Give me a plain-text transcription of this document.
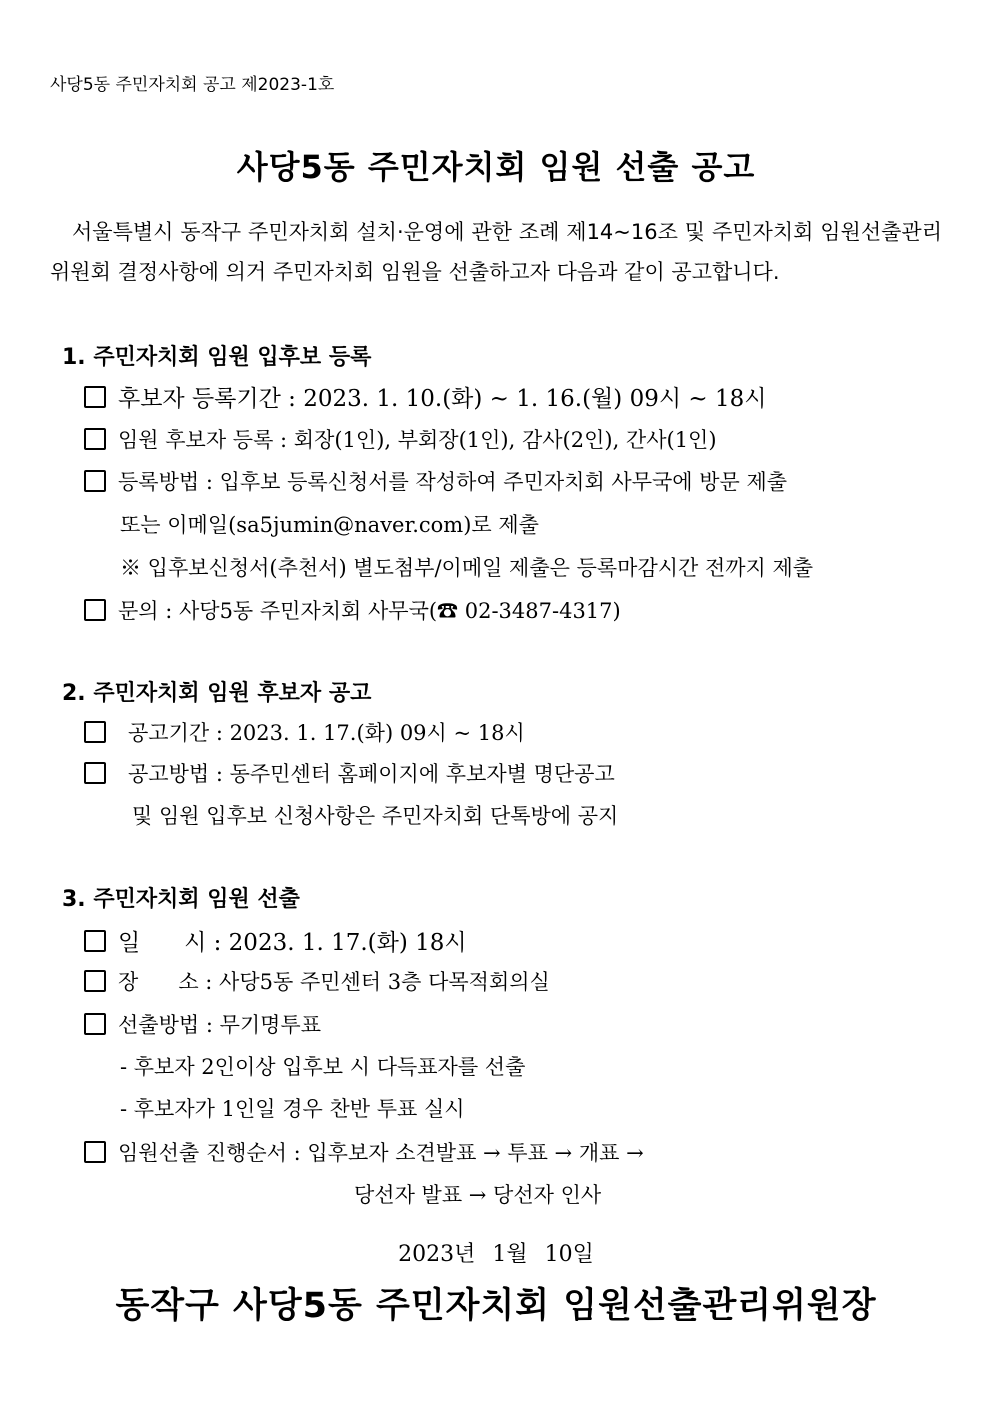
사당5동 주민자치회 공고 제2023-1호
사당5동 주민자치회 임원 선출 공고
서울특별시 동작구 주민자치회 설치·운영에 관한 조례 제14~16조 및 주민자치회 임원선출관리위원회 결정사항에 의거 주민자치회 임원을 선출하고자 다음과 같이 공고합니다.
1. 주민자치회 임원 입후보 등록
후보자 등록기간 : 2023. 1. 10.(화) ~ 1. 16.(월) 09시 ~ 18시
임원 후보자 등록 : 회장(1인), 부회장(1인), 감사(2인), 간사(1인)
등록방법 : 입후보 등록신청서를 작성하여 주민자치회 사무국에 방문 제출
또는 이메일(sa5jumin@naver.com)로 제출
※ 입후보신청서(추천서) 별도첨부/이메일 제출은 등록마감시간 전까지 제출
문의 : 사당5동 주민자치회 사무국(☎ 02-3487-4317)
2. 주민자치회 임원 후보자 공고
공고기간 : 2023. 1. 17.(화) 09시 ~ 18시
공고방법 : 동주민센터 홈페이지에 후보자별 명단공고
및 임원 입후보 신청사항은 주민자치회 단톡방에 공지
3. 주민자치회 임원 선출
일      시 : 2023. 1. 17.(화) 18시
장      소 : 사당5동 주민센터 3층 다목적회의실
선출방법 : 무기명투표
- 후보자 2인이상 입후보 시 다득표자를 선출
- 후보자가 1인일 경우 찬반 투표 실시
임원선출 진행순서 : 입후보자 소견발표 → 투표 → 개표 →
당선자 발표 → 당선자 인사
2023년 1월 10일
동작구 사당5동 주민자치회 임원선출관리위원장
